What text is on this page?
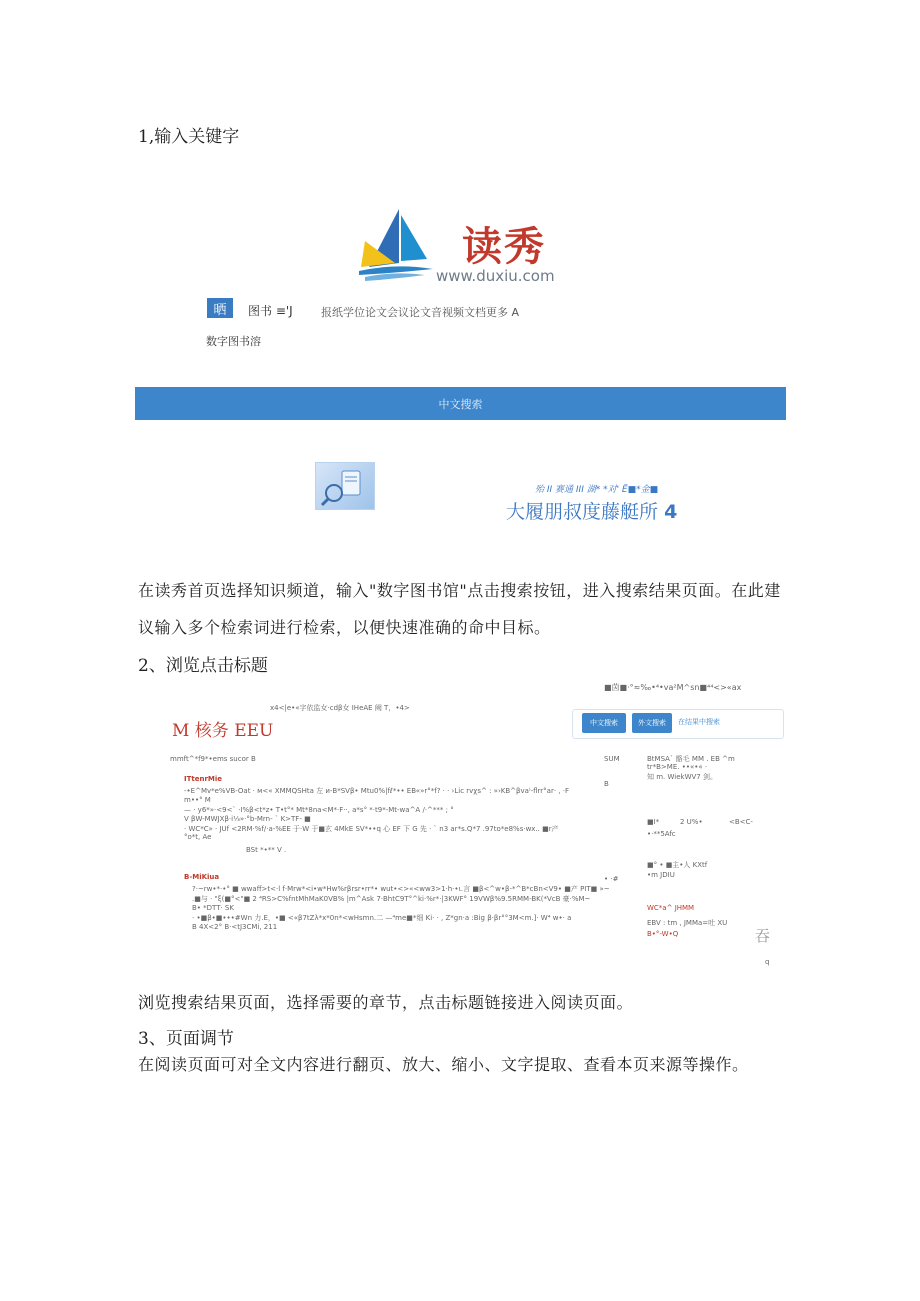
1,输入关键字
读秀
www.duxiu.com
晒	图书 ≡'J	报纸学位论文会议论文音视频文档更多 A
数字图书溶
中文搜索
殆 II 赛通 III 湖* *对' Ё■*金■
大履朋叔度藤艇所 4
在读秀首页选择知识频道，输入"数字图书馆"点击搜索按钮，进入搜索结果页面。在此建
议输入多个检索词进行检索，以便快速准确的命中目标。
2、浏览点击标题
■茵■·°≈‰•⁴•va²M^sn■⁴⁴<>«ax
x4<|e•«字依监女·cdβ女 IHeAE 阙 T，•4>
M 核务 EEU	中文搜索	外文搜索	在结果中搜索
mmft^*f9*•ems sucor B
ITtenrMie
-•E^Mv*e%VB-Oat · м<« XMMQSHta 左 и-В*SVβ• Mtu0%|fℓ*•• EB«»r°*f? · · ›Lic rvχs^ : »›KB^βva⁾-flrr°ar· , ·F
m••° M
— · y6*»·<9<` ·I%β<t*z• T•t°* Mt*8na<M*·F··, a*s° *·t9*-Mt-wa^A /·^*** ; °
V βW-MWJXβ·i⅓»·°b-Mrn- ` K>TF- ■
· WC*C» · JUf <2RM·%f/·a-%EE 于·W 于■玄 4MkE SV*••q 心 EF 下 G 先 · ` n3 ar*s.Q*7 .97to*e8%s·wx.. ■r产
°o*t, Ae
BSt *•** V .
B-MiKiua
?·~rw•*·•° ■ wwaff>t<·l f·Mrw*<i•w*Hw%rβrsr•rr*• wut•<>«<ww3>1·h·•ι.言 ■β<^w•β-*^B*cBn<V9• ■产 PIT■ »~
.■与 · "ξ(■°<"■ 2 ⁴RS>C%fntMhMaK0VB% |m^Ask 7·BhtC9T°^ki·%r*·|3KWF° 19VWβ%9.5RMM-BK(*VcB 豪·%M~
B• *DTT· SK
· •■β•■•••#Wn 力.E，•■ <«β7tZλ*x*0n*<wHsmn.二 —⁴me■*细 Ki· · , Z*gn·a :Big β·βr°°3M<m.]· W⁴ w•· a
B 4X<2° B·<tJ3CMi, 211
SUM
B
• ·#
BtMSA` 骼毛 MM . EB ^m
tr*B>ME. ••«•« ·
知 m. WiekWV7 剑。
■I*	2 U%•	<B<C-
•·**5Afc
■° • ■主•人 KXtf
•m JDIU
WC*a^ JHMM
EBV : tm , JMMa=吐 XU
B•°-W•Q	吞
q
浏览搜索结果页面，选择需要的章节，点击标题链接进入阅读页面。
3、页面调节
在阅读页面可对全文内容进行翻页、放大、缩小、文字提取、查看本页来源等操作。
